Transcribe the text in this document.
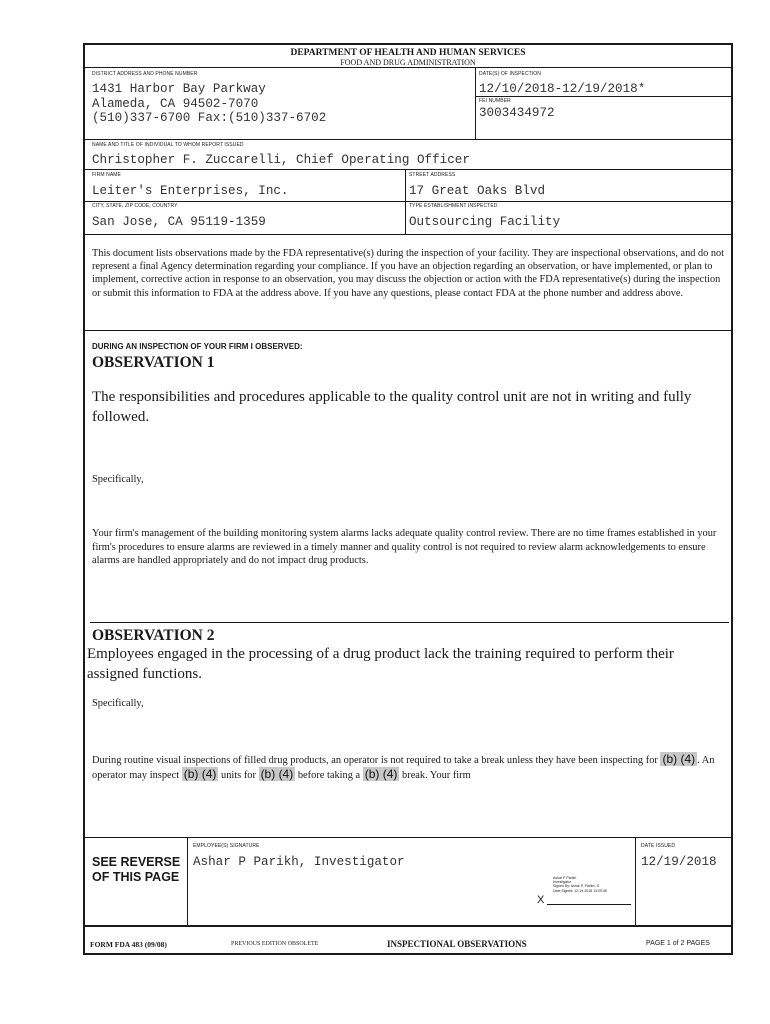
DEPARTMENT OF HEALTH AND HUMAN SERVICES
FOOD AND DRUG ADMINISTRATION
DISTRICT ADDRESS AND PHONE NUMBER
1431 Harbor Bay Parkway
Alameda, CA 94502-7070
(510)337-6700 Fax:(510)337-6702
DATE(S) OF INSPECTION
12/10/2018-12/19/2018*
FEI NUMBER
3003434972
NAME AND TITLE OF INDIVIDUAL TO WHOM REPORT ISSUED
Christopher F. Zuccarelli, Chief Operating Officer
FIRM NAME
Leiter's Enterprises, Inc.
STREET ADDRESS
17 Great Oaks Blvd
CITY, STATE, ZIP CODE, COUNTRY
San Jose, CA 95119-1359
TYPE ESTABLISHMENT INSPECTED
Outsourcing Facility
This document lists observations made by the FDA representative(s) during the inspection of your facility. They are inspectional observations, and do not represent a final Agency determination regarding your compliance. If you have an objection regarding an observation, or have implemented, or plan to implement, corrective action in response to an observation, you may discuss the objection or action with the FDA representative(s) during the inspection or submit this information to FDA at the address above. If you have any questions, please contact FDA at the phone number and address above.
DURING AN INSPECTION OF YOUR FIRM I OBSERVED:
OBSERVATION 1
The responsibilities and procedures applicable to the quality control unit are not in writing and fully followed.
Specifically,
Your firm's management of the building monitoring system alarms lacks adequate quality control review. There are no time frames established in your firm's procedures to ensure alarms are reviewed in a timely manner and quality control is not required to review alarm acknowledgements to ensure alarms are handled appropriately and do not impact drug products.
OBSERVATION 2
Employees engaged in the processing of a drug product lack the training required to perform their assigned functions.
Specifically,
During routine visual inspections of filled drug products, an operator is not required to take a break unless they have been inspecting for (b) (4) . An operator may inspect (b) (4) units for (b) (4) before taking a (b) (4) break. Your firm
SEE REVERSE
OF THIS PAGE
EMPLOYEE(S) SIGNATURE
Ashar P Parikh, Investigator
X
Ashar P Parikh
Investigator
Signed By: Ashar P. Parikh -S
Date Signed: 12-19-2018 13:09:08
DATE ISSUED
12/19/2018
FORM FDA 483 (09/08)	PREVIOUS EDITION OBSOLETE	INSPECTIONAL OBSERVATIONS	PAGE 1 of 2 PAGES
